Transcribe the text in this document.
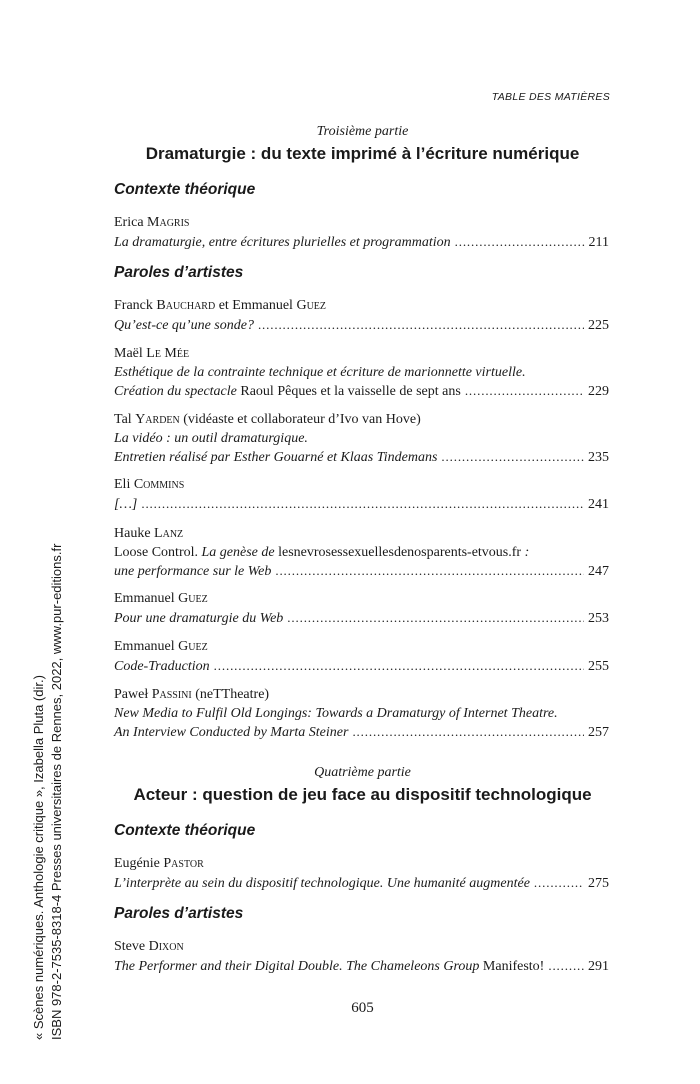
TABLE DES MATIÈRES
Troisième partie
Dramaturgie : du texte imprimé à l’écriture numérique
Contexte théorique
Erica Magris
La dramaturgie, entre écritures plurielles et programmation . . .	211
Paroles d’artistes
Franck Bauchard et Emmanuel Guez
Qu’est-ce qu’une sonde? . . .	225
Maël Le Mée
Esthétique de la contrainte technique et écriture de marionnette virtuelle.
Création du spectacle Raoul Pêques et la vaisselle de sept ans . . .	229
Tal Yarden (vidéaste et collaborateur d’Ivo van Hove)
La vidéo : un outil dramaturgique.
Entretien réalisé par Esther Gouarné et Klaas Tindemans . . .	235
Eli Commins
[…] . . .	241
Hauke Lanz
Loose Control. La genèse de lesnevrosessexuellesdenosparents-etvous.fr :
une performance sur le Web . . .	247
Emmanuel Guez
Pour une dramaturgie du Web . . .	253
Emmanuel Guez
Code-Traduction . . .	255
Paweł Passini (neTTheatre)
New Media to Fulfil Old Longings: Towards a Dramaturgy of Internet Theatre.
An Interview Conducted by Marta Steiner . . .	257
Quatrième partie
Acteur : question de jeu face au dispositif technologique
Contexte théorique
Eugénie Pastor
L’interprète au sein du dispositif technologique. Une humanité augmentée . . .	275
Paroles d’artistes
Steve Dixon
The Performer and their Digital Double. The Chameleons Group Manifesto! . . .	291
605
« Scènes numériques. Anthologie critique », Izabella Pluta (dir.) ISBN 978-2-7535-8318-4 Presses universitaires de Rennes, 2022, www.pur-editions.fr
